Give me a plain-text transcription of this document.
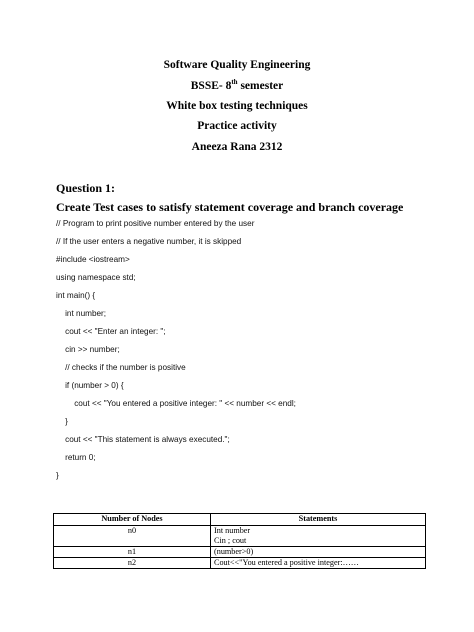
Software Quality Engineering
BSSE- 8th semester
White box testing techniques
Practice activity
Aneeza Rana 2312
Question 1:
Create Test cases to satisfy statement coverage and branch coverage
// Program to print positive number entered by the user
// If the user enters a negative number, it is skipped
#include <iostream>
using namespace std;
int main() {
int number;
cout << "Enter an integer: ";
cin >> number;
// checks if the number is positive
if (number > 0) {
cout << "You entered a positive integer: " << number << endl;
}
cout << "This statement is always executed.";
return 0;
}
Number of Nodes	Statements
n0	Int number
Cin ; cout

n1	(number>0)
n2	Cout<<"You entered a positive integer:……
